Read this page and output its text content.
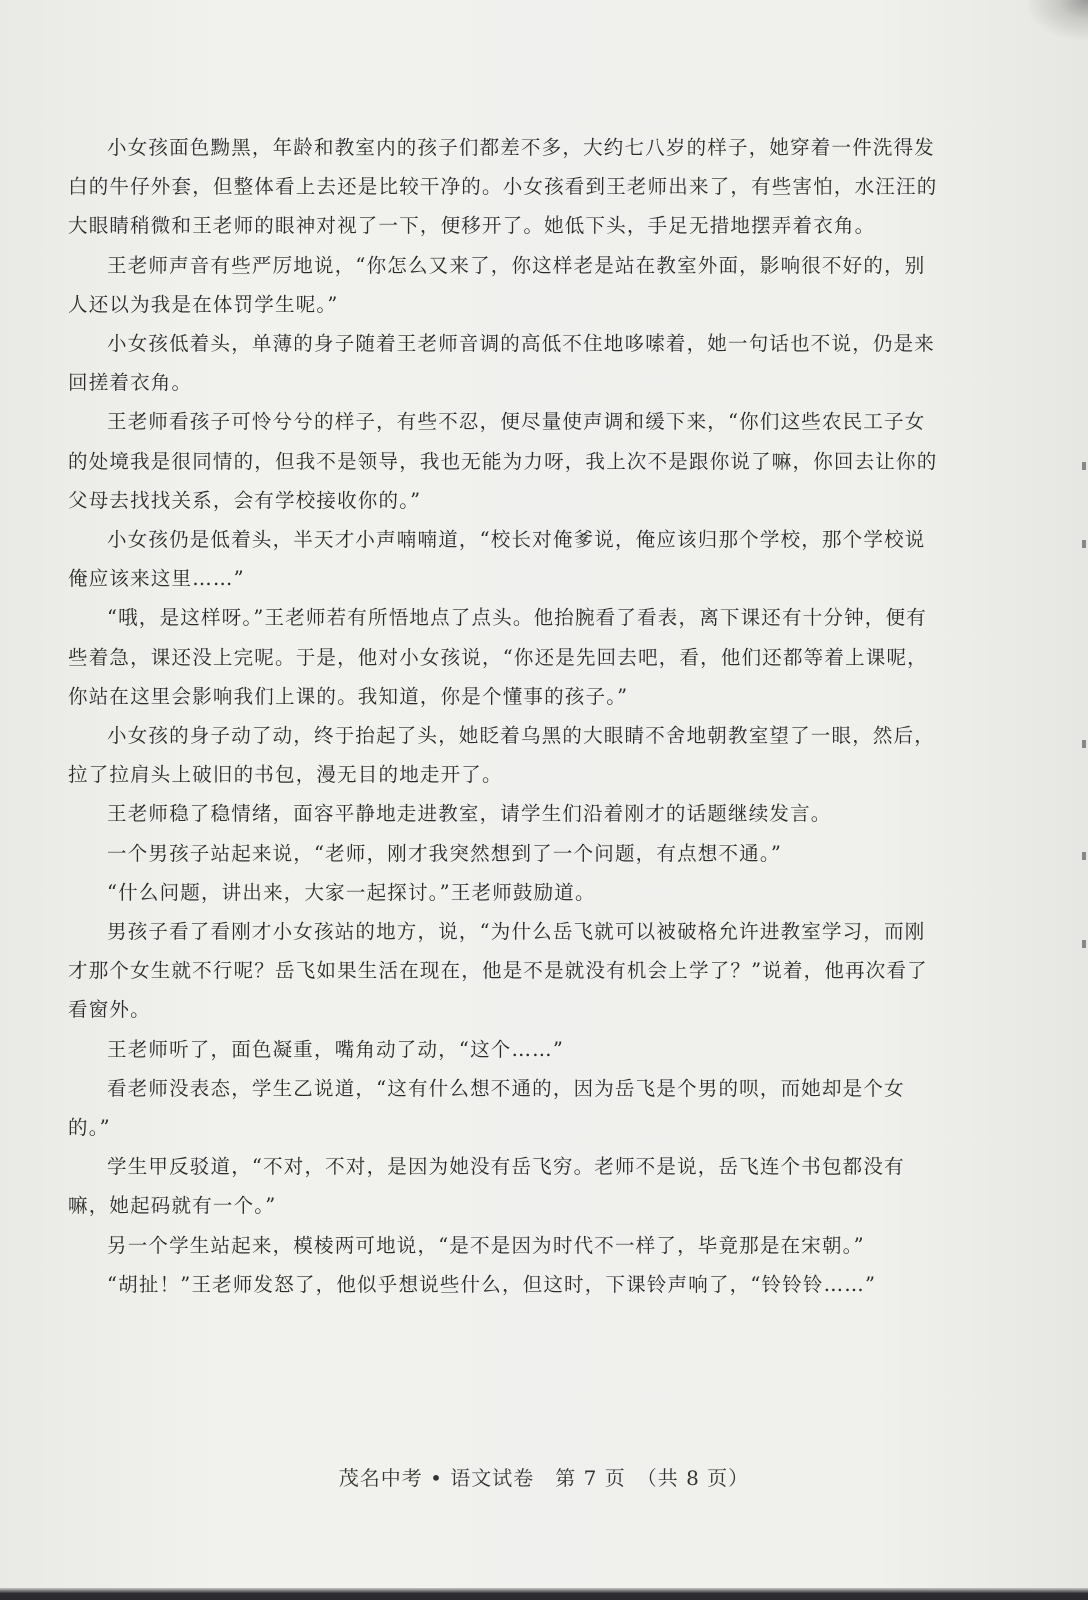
小女孩面色黝黑，年龄和教室内的孩子们都差不多，大约七八岁的样子，她穿着一件洗得发白的牛仔外套，但整体看上去还是比较干净的。小女孩看到王老师出来了，有些害怕，水汪汪的大眼睛稍微和王老师的眼神对视了一下，便移开了。她低下头，手足无措地摆弄着衣角。

王老师声音有些严厉地说，“你怎么又来了，你这样老是站在教室外面，影响很不好的，别人还以为我是在体罚学生呢。”

小女孩低着头，单薄的身子随着王老师音调的高低不住地哆嗦着，她一句话也不说，仍是来回搓着衣角。

王老师看孩子可怜兮兮的样子，有些不忍，便尽量使声调和缓下来，“你们这些农民工子女的处境我是很同情的，但我不是领导，我也无能为力呀，我上次不是跟你说了嘛，你回去让你的父母去找找关系，会有学校接收你的。”

小女孩仍是低着头，半天才小声喃喃道，“校长对俺爹说，俺应该归那个学校，那个学校说俺应该来这里……”

“哦，是这样呀。”王老师若有所悟地点了点头。他抬腕看了看表，离下课还有十分钟，便有些着急，课还没上完呢。于是，他对小女孩说，“你还是先回去吧，看，他们还都等着上课呢，你站在这里会影响我们上课的。我知道，你是个懂事的孩子。”

小女孩的身子动了动，终于抬起了头，她眨着乌黑的大眼睛不舍地朝教室望了一眼，然后，拉了拉肩头上破旧的书包，漫无目的地走开了。

王老师稳了稳情绪，面容平静地走进教室，请学生们沿着刚才的话题继续发言。

一个男孩子站起来说，“老师，刚才我突然想到了一个问题，有点想不通。”

“什么问题，讲出来，大家一起探讨。”王老师鼓励道。

男孩子看了看刚才小女孩站的地方，说，“为什么岳飞就可以被破格允许进教室学习，而刚才那个女生就不行呢？岳飞如果生活在现在，他是不是就没有机会上学了？”说着，他再次看了看窗外。

王老师听了，面色凝重，嘴角动了动，“这个……”

看老师没表态，学生乙说道，“这有什么想不通的，因为岳飞是个男的呗，而她却是个女的。”

学生甲反驳道，“不对，不对，是因为她没有岳飞穷。老师不是说，岳飞连个书包都没有嘛，她起码就有一个。”

另一个学生站起来，模棱两可地说，“是不是因为时代不一样了，毕竟那是在宋朝。”

“胡扯！”王老师发怒了，他似乎想说些什么，但这时，下课铃声响了，“铃铃铃……”

茂名中考 • 语文试卷　第 7 页　（共 8 页）
